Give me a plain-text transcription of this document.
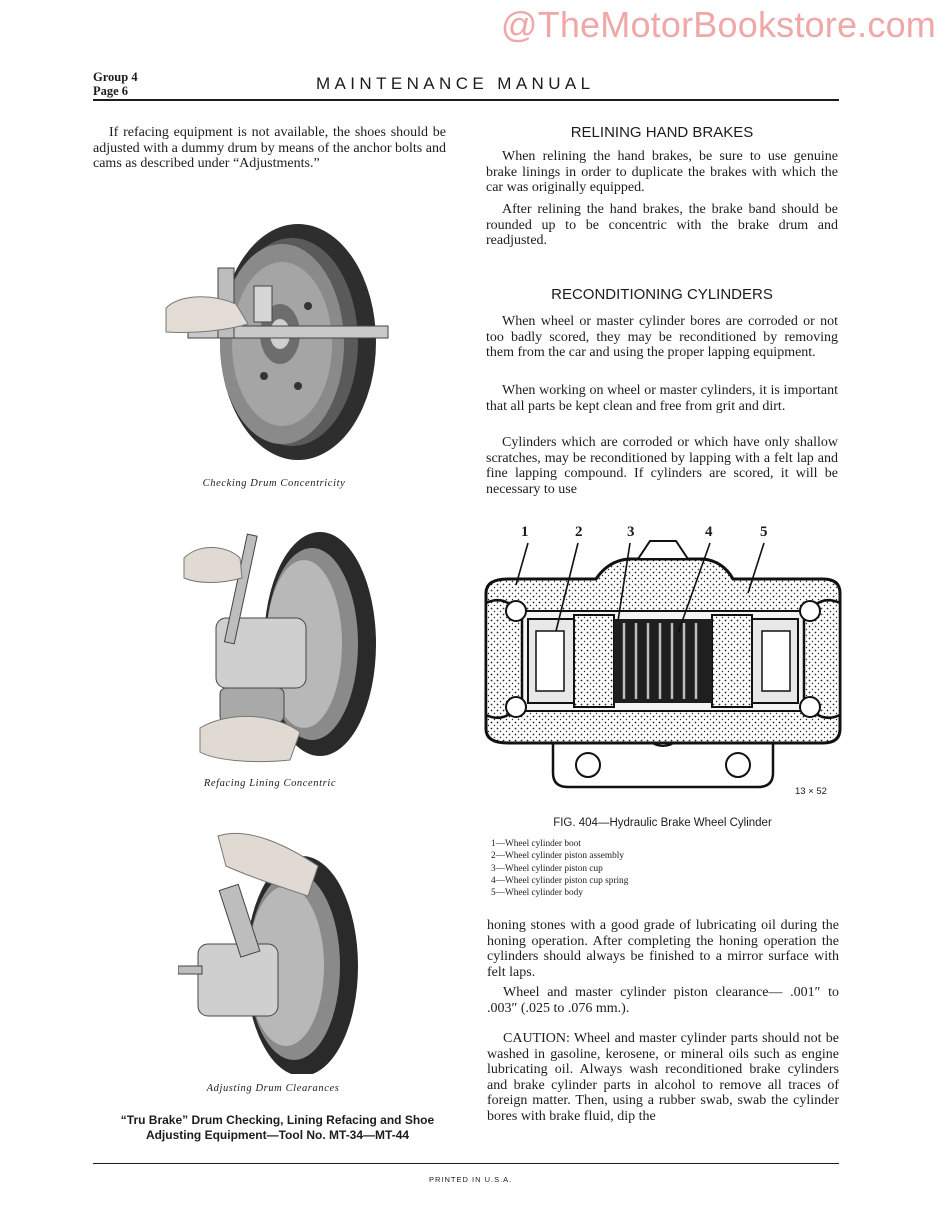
@TheMotorBookstore.com
Group 4
Page 6	MAINTENANCE MANUAL

If refacing equipment is not available, the shoes should be adjusted with a dummy drum by means of the anchor bolts and cams as described under “Adjustments.”

Checking Drum Concentricity
Refacing Lining Concentric
Adjusting Drum Clearances
“Tru Brake” Drum Checking, Lining Refacing and Shoe
Adjusting Equipment—Tool No. MT-34—MT-44
RELINING HAND BRAKES

When relining the hand brakes, be sure to use genuine brake linings in order to duplicate the brakes with which the car was originally equipped.

After relining the hand brakes, the brake band should be rounded up to be concentric with the brake drum and readjusted.

RECONDITIONING CYLINDERS

When wheel or master cylinder bores are corroded or not too badly scored, they may be reconditioned by removing them from the car and using the proper lapping equipment.

When working on wheel or master cylinders, it is important that all parts be kept clean and free from grit and dirt.

Cylinders which are corroded or which have only shallow scratches, may be reconditioned by lapping with a felt lap and fine lapping compound. If cylinders are scored, it will be necessary to use

1	2	3	4	5
13 × 52
FIG. 404—Hydraulic Brake Wheel Cylinder
1—Wheel cylinder boot
2—Wheel cylinder piston assembly
3—Wheel cylinder piston cup
4—Wheel cylinder piston cup spring
5—Wheel cylinder body

honing stones with a good grade of lubricating oil during the honing operation. After completing the honing operation the cylinders should always be finished to a mirror surface with felt laps.

Wheel and master cylinder piston clearance— .001″ to .003″ (.025 to .076 mm.).

CAUTION: Wheel and master cylinder parts should not be washed in gasoline, kerosene, or mineral oils such as engine lubricating oil. Always wash reconditioned brake cylinders and brake cylinder parts in alcohol to remove all traces of foreign matter. Then, using a rubber swab, swab the cylinder bores with brake fluid, dip the

PRINTED IN U.S.A.
